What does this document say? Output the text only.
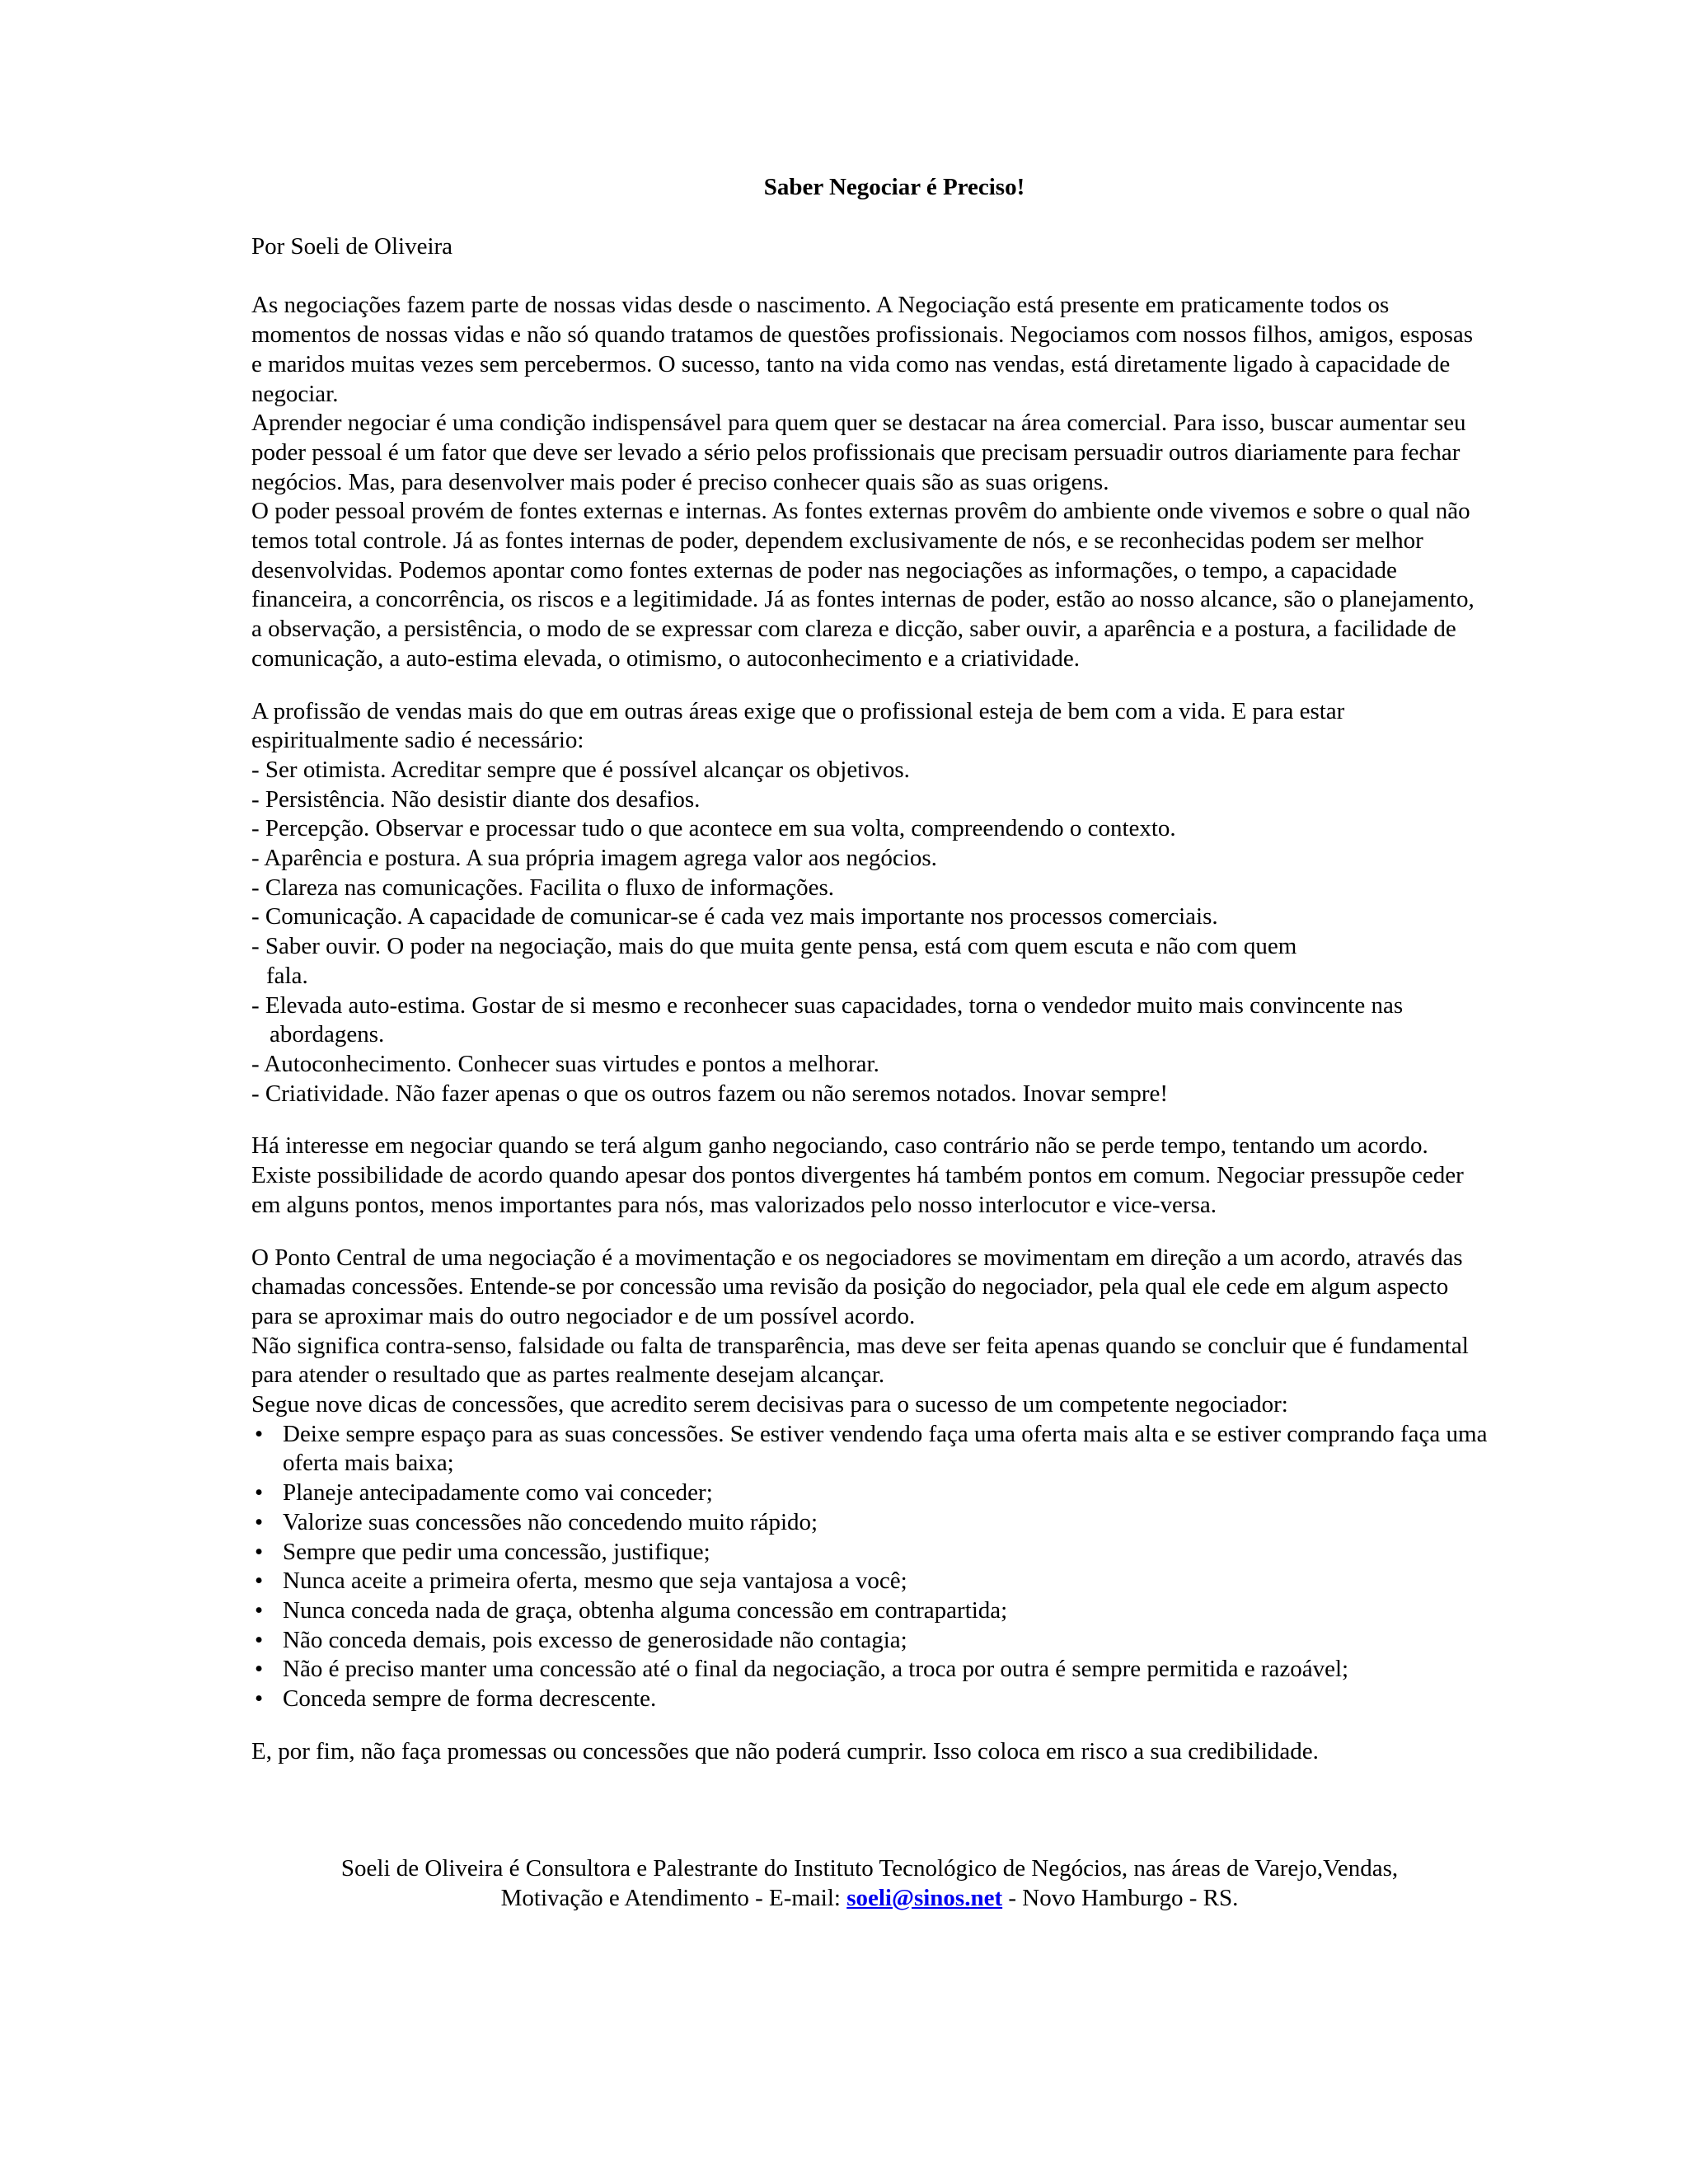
Saber Negociar é Preciso!
Por Soeli de Oliveira

As negociações fazem parte de nossas vidas desde o nascimento. A Negociação está presente em praticamente todos os momentos de nossas vidas e não só quando tratamos de questões profissionais. Negociamos com nossos filhos, amigos, esposas e maridos muitas vezes sem percebermos. O sucesso, tanto na vida como nas vendas, está diretamente ligado à capacidade de negociar.

Aprender negociar é uma condição indispensável para quem quer se destacar na área comercial. Para isso, buscar aumentar seu poder pessoal é um fator que deve ser levado a sério pelos profissionais que precisam persuadir outros diariamente para fechar negócios. Mas, para desenvolver mais poder é preciso conhecer quais são as suas origens.

O poder pessoal provém de fontes externas e internas. As fontes externas provêm do ambiente onde vivemos e sobre o qual não temos total controle. Já as fontes internas de poder, dependem exclusivamente de nós, e se reconhecidas podem ser melhor desenvolvidas. Podemos apontar como fontes externas de poder nas negociações as informações, o tempo, a capacidade financeira, a concorrência, os riscos e a legitimidade. Já as fontes internas de poder, estão ao nosso alcance, são o planejamento, a observação, a persistência, o modo de se expressar com clareza e dicção, saber ouvir, a aparência e a postura, a facilidade de comunicação, a auto-estima elevada, o otimismo, o autoconhecimento e a criatividade.

A profissão de vendas mais do que em outras áreas exige que o profissional esteja de bem com a vida. E para estar espiritualmente sadio é necessário:

- Ser otimista. Acreditar sempre que é possível alcançar os objetivos.
- Persistência. Não desistir diante dos desafios.
- Percepção. Observar e processar tudo o que acontece em sua volta, compreendendo o contexto.
- Aparência e postura. A sua própria imagem agrega valor aos negócios.
- Clareza nas comunicações. Facilita o fluxo de informações.
- Comunicação. A capacidade de comunicar-se é cada vez mais importante nos processos comerciais.
- Saber ouvir. O poder na negociação, mais do que muita gente pensa, está com quem escuta e não com quem
fala.
- Elevada auto-estima. Gostar de si mesmo e reconhecer suas capacidades, torna o vendedor muito mais convincente nas
abordagens.
- Autoconhecimento. Conhecer suas virtudes e pontos a melhorar.
- Criatividade. Não fazer apenas o que os outros fazem ou não seremos notados. Inovar sempre!

Há interesse em negociar quando se terá algum ganho negociando, caso contrário não se perde tempo, tentando um acordo. Existe possibilidade de acordo quando apesar dos pontos divergentes há também pontos em comum. Negociar pressupõe ceder em alguns pontos, menos importantes para nós, mas valorizados pelo nosso interlocutor e vice-versa.

O Ponto Central de uma negociação é a movimentação e os negociadores se movimentam em direção a um acordo, através das chamadas concessões. Entende-se por concessão uma revisão da posição do negociador, pela qual ele cede em algum aspecto para se aproximar mais do outro negociador e de um possível acordo.

Não significa contra-senso, falsidade ou falta de transparência, mas deve ser feita apenas quando se concluir que é fundamental para atender o resultado que as partes realmente desejam alcançar.

Segue nove dicas de concessões, que acredito serem decisivas para o sucesso de um competente negociador:

• Deixe sempre espaço para as suas concessões. Se estiver vendendo faça uma oferta mais alta e se estiver comprando faça uma oferta mais baixa;
• Planeje antecipadamente como vai conceder;
• Valorize suas concessões não concedendo muito rápido;
• Sempre que pedir uma concessão, justifique;
• Nunca aceite a primeira oferta, mesmo que seja vantajosa a você;
• Nunca conceda nada de graça, obtenha alguma concessão em contrapartida;
• Não conceda demais, pois excesso de generosidade não contagia;
• Não é preciso manter uma concessão até o final da negociação, a troca por outra é sempre permitida e razoável;
• Conceda sempre de forma decrescente.

E, por fim, não faça promessas ou concessões que não poderá cumprir. Isso coloca em risco a sua credibilidade.

Soeli de Oliveira é Consultora e Palestrante do Instituto Tecnológico de Negócios, nas áreas de Varejo,Vendas,
Motivação e Atendimento - E-mail: soeli@sinos.net - Novo Hamburgo - RS.
